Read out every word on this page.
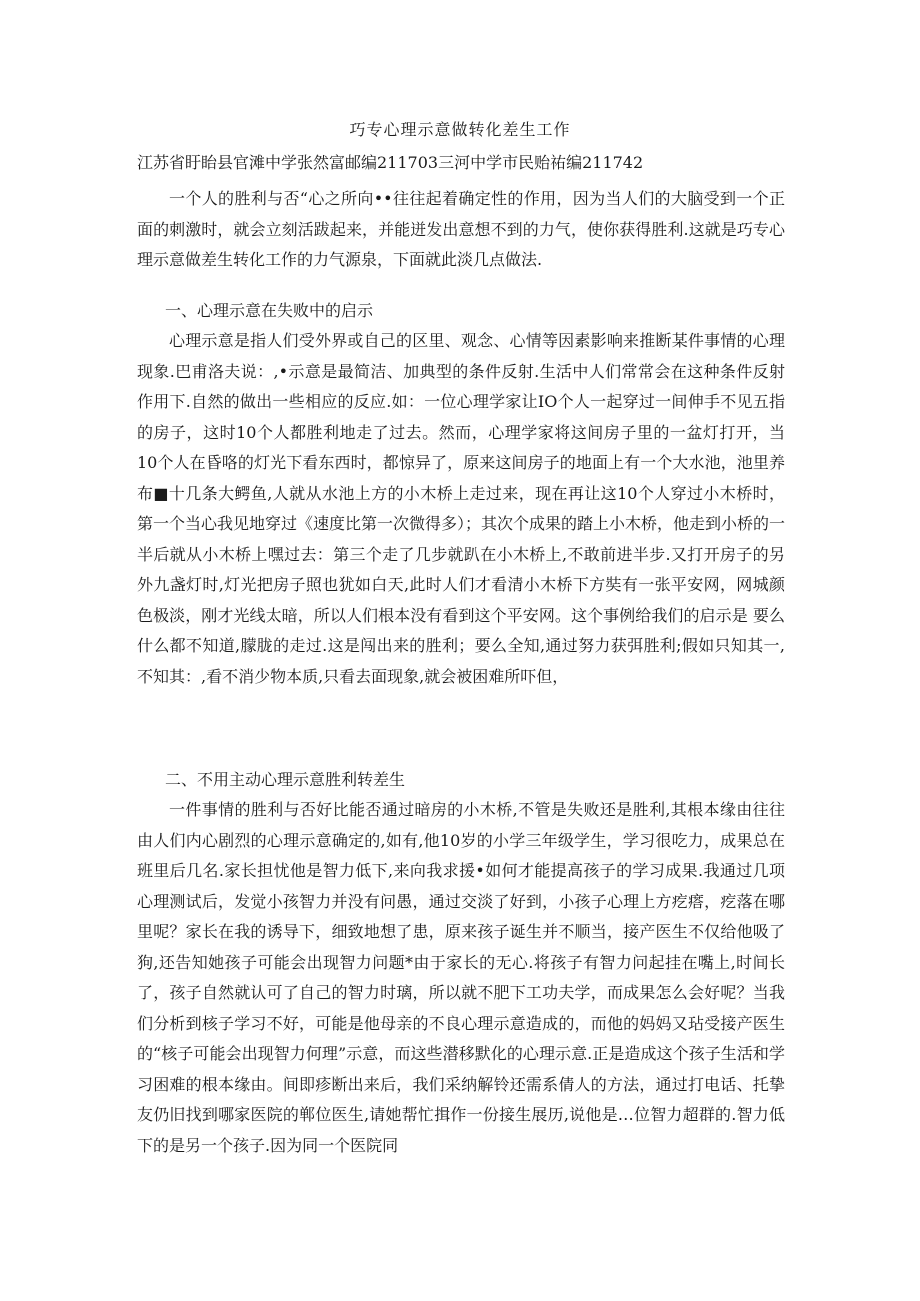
巧专心理示意做转化差生工作
江苏省盱眙县官滩中学张然富邮编211703三河中学市民贻祐编211742

一个人的胜利与否“心之所向••往往起着确定性的作用，因为当人们的大脑受到一个正面的刺激时，就会立刻活跋起来，并能迸发出意想不到的力气，使你获得胜利.这就是巧专心理示意做差生转化工作的力气源泉，下面就此淡几点做法.

一、心理示意在失败中的启示

心理示意是指人们受外界或自己的区里、观念、心情等因素影响来推断某件事情的心理现象.巴甫洛夫说：,•示意是最简洁、加典型的条件反射.生活中人们常常会在这种条件反射作用下.自然的做出一些相应的反应.如：一位心理学家让IO个人一起穿过一间伸手不见五指的房子，这时10个人都胜利地走了过去。然而，心理学家将这间房子里的一盆灯打开，当10个人在昏咯的灯光下看东西时，都惊异了，原来这间房子的地面上有一个大水池，池里养布■十几条大鳄鱼,人就从水池上方的小木桥上走过来，现在再让这10个人穿过小木桥时，第一个当心我见地穿过《速度比第一次微得多）；其次个成果的踏上小木桥，他走到小桥的一半后就从小木桥上嘿过去：第三个走了几步就趴在小木桥上,不敢前进半步.又打开房子的另外九盏灯时,灯光把房子照也犹如白天,此时人们才看清小木桥下方奘有一张平安网，网城颜色极淡，刚才光线太暗，所以人们根本没有看到这个平安网。这个事例给我们的启示是 要么什么都不知道,朦胧的走过.这是闯出来的胜利；要么全知,通过努力获弭胜利;假如只知其一,不知其：,看不消少物本质,只看去面现象,就会被困难所吓但，

二、不用主动心理示意胜利转差生

一件事情的胜利与否好比能否通过暗房的小木桥,不管是失败还是胜利,其根本缘由往往由人们内心剧烈的心理示意确定的,如有,他10岁的小学三年级学生，学习很吃力，成果总在班里后几名.家长担忧他是智力低下,来向我求援•如何才能提高孩子的学习成果.我通过几项心理测试后，发觉小孩智力并没有问愚，通过交淡了好到，小孩子心理上方疙瘩，疙落在哪里呢？家长在我的诱导下，细致地想了患，原来孩子诞生并不顺当，接产医生不仅给他吸了狗,还告知她孩子可能会出现智力问题*由于家长的无心.将孩子有智力问起挂在嘴上,时间长了，孩子自然就认可了自己的智力时璃，所以就不肥下工功夫学，而成果怎么会好呢？当我们分析到核子学习不好，可能是他母亲的不良心理示意造成的，而他的妈妈又玷受接产医生的“核子可能会出现智力何理”示意，而这些潜移默化的心理示意.正是造成这个孩子生活和学习困难的根本缘由。间即疹断出来后，我们采纳解铃还需系倩人的方法，通过打电话、托挚友仍旧找到哪家医院的郸位医生,请她帮忙揖作一份接生展历,说他是…位智力超群的.智力低下的是另一个孩子.因为同一个医院同
